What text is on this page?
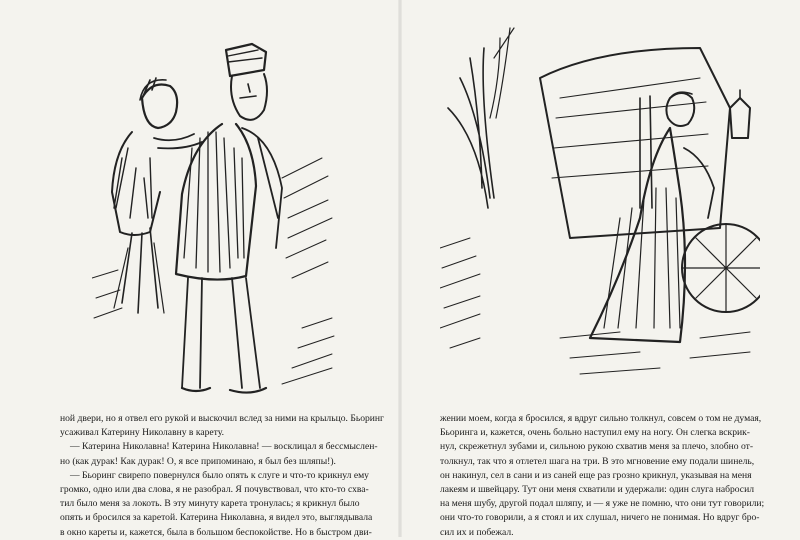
ной двери, но я отвел его рукой и выскочил вслед за ними на крыльцо. Бьоринг
усаживал Катерину Николавну в карету.
— Катерина Николавна! Катерина Николавна! — восклицал я бессмыслен-
но (как дурак! Как дурак! О, я все припоминаю, я был без шляпы!).
— Бьоринг свирепо повернулся было опять к слуге и что-то крикнул ему
громко, одно или два слова, я не разобрал. Я почувствовал, что кто-то схва-
тил было меня за локоть. В эту минуту карета тронулась; я крикнул было
опять и бросился за каретой. Катерина Николавна, я видел это, выглядывала
в окно кареты и, кажется, была в большом беспокойстве. Но в быстром дви-
жении моем, когда я бросился, я вдруг сильно толкнул, совсем о том не думая,
Бьоринга и, кажется, очень больно наступил ему на ногу. Он слегка вскрик-
нул, скрежетнул зубами и, сильною рукою схватив меня за плечо, злобно от-
толкнул, так что я отлетел шага на три. В это мгновение ему подали шинель,
он накинул, сел в сани и из саней еще раз грозно крикнул, указывая на меня
лакеям и швейцару. Тут они меня схватили и удержали: один слуга набросил
на меня шубу, другой подал шляпу, и — я уже не помню, что они тут говорили;
они что-то говорили, а я стоял и их слушал, ничего не понимая. Но вдруг бро-
сил их и побежал.
